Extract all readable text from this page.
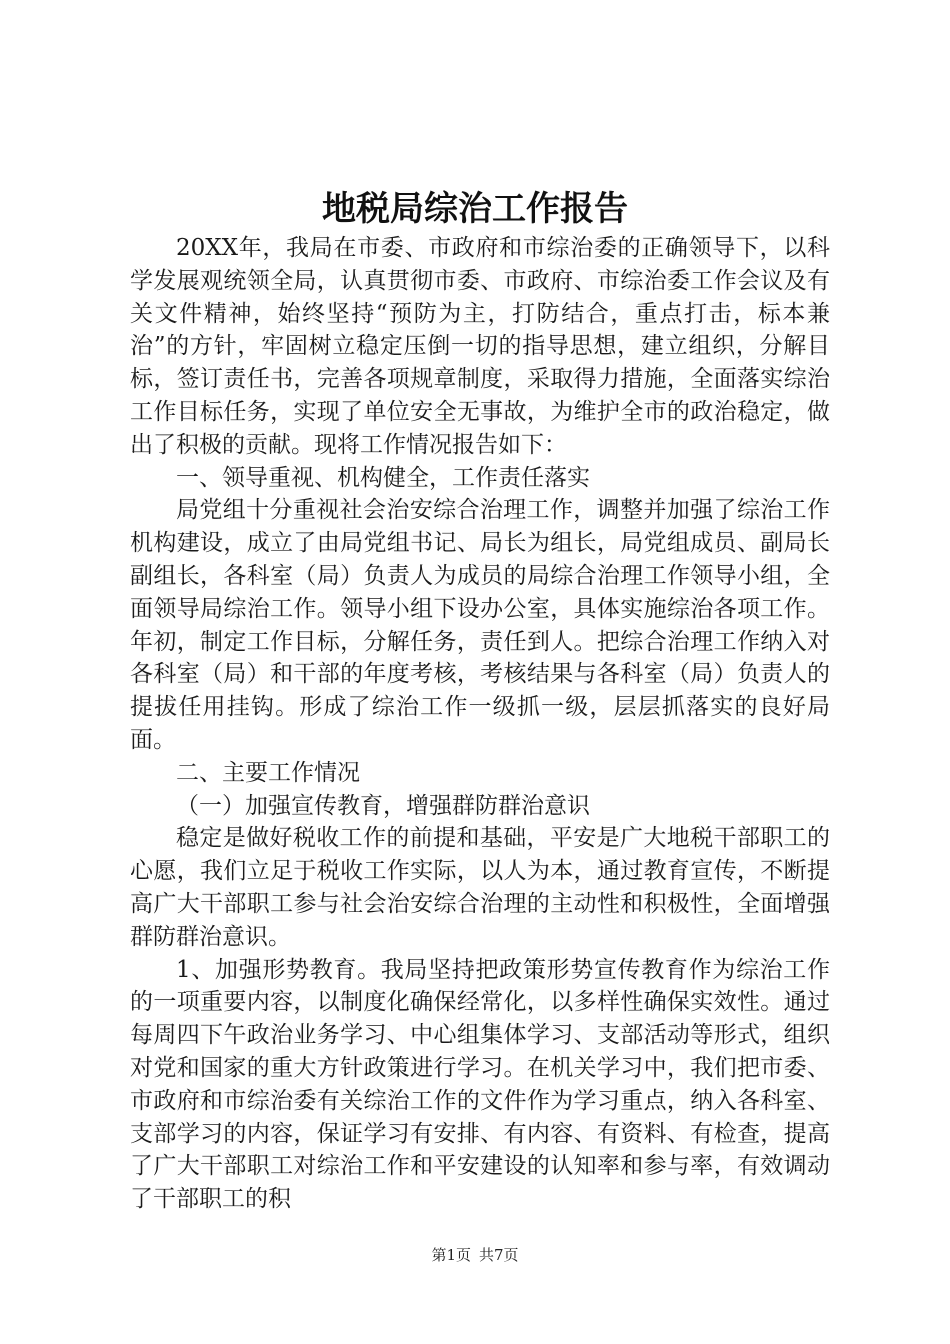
地税局综治工作报告

20XX年，我局在市委、市政府和市综治委的正确领导下，以科学发展观统领全局，认真贯彻市委、市政府、市综治委工作会议及有关文件精神，始终坚持“预防为主，打防结合，重点打击，标本兼治”的方针，牢固树立稳定压倒一切的指导思想，建立组织，分解目标，签订责任书，完善各项规章制度，采取得力措施，全面落实综治工作目标任务，实现了单位安全无事故，为维护全市的政治稳定，做出了积极的贡献。现将工作情况报告如下：

一、领导重视、机构健全，工作责任落实

局党组十分重视社会治安综合治理工作，调整并加强了综治工作机构建设，成立了由局党组书记、局长为组长，局党组成员、副局长副组长，各科室（局）负责人为成员的局综合治理工作领导小组，全面领导局综治工作。领导小组下设办公室，具体实施综治各项工作。年初，制定工作目标，分解任务，责任到人。把综合治理工作纳入对各科室（局）和干部的年度考核，考核结果与各科室（局）负责人的提拔任用挂钩。形成了综治工作一级抓一级，层层抓落实的良好局面。

二、主要工作情况

（一）加强宣传教育，增强群防群治意识

稳定是做好税收工作的前提和基础，平安是广大地税干部职工的心愿，我们立足于税收工作实际，以人为本，通过教育宣传，不断提高广大干部职工参与社会治安综合治理的主动性和积极性，全面增强群防群治意识。

1、加强形势教育。我局坚持把政策形势宣传教育作为综治工作的一项重要内容，以制度化确保经常化，以多样性确保实效性。通过每周四下午政治业务学习、中心组集体学习、支部活动等形式，组织对党和国家的重大方针政策进行学习。在机关学习中，我们把市委、市政府和市综治委有关综治工作的文件作为学习重点，纳入各科室、支部学习的内容，保证学习有安排、有内容、有资料、有检查，提高了广大干部职工对综治工作和平安建设的认知率和参与率，有效调动了干部职工的积

第1页 共7页
